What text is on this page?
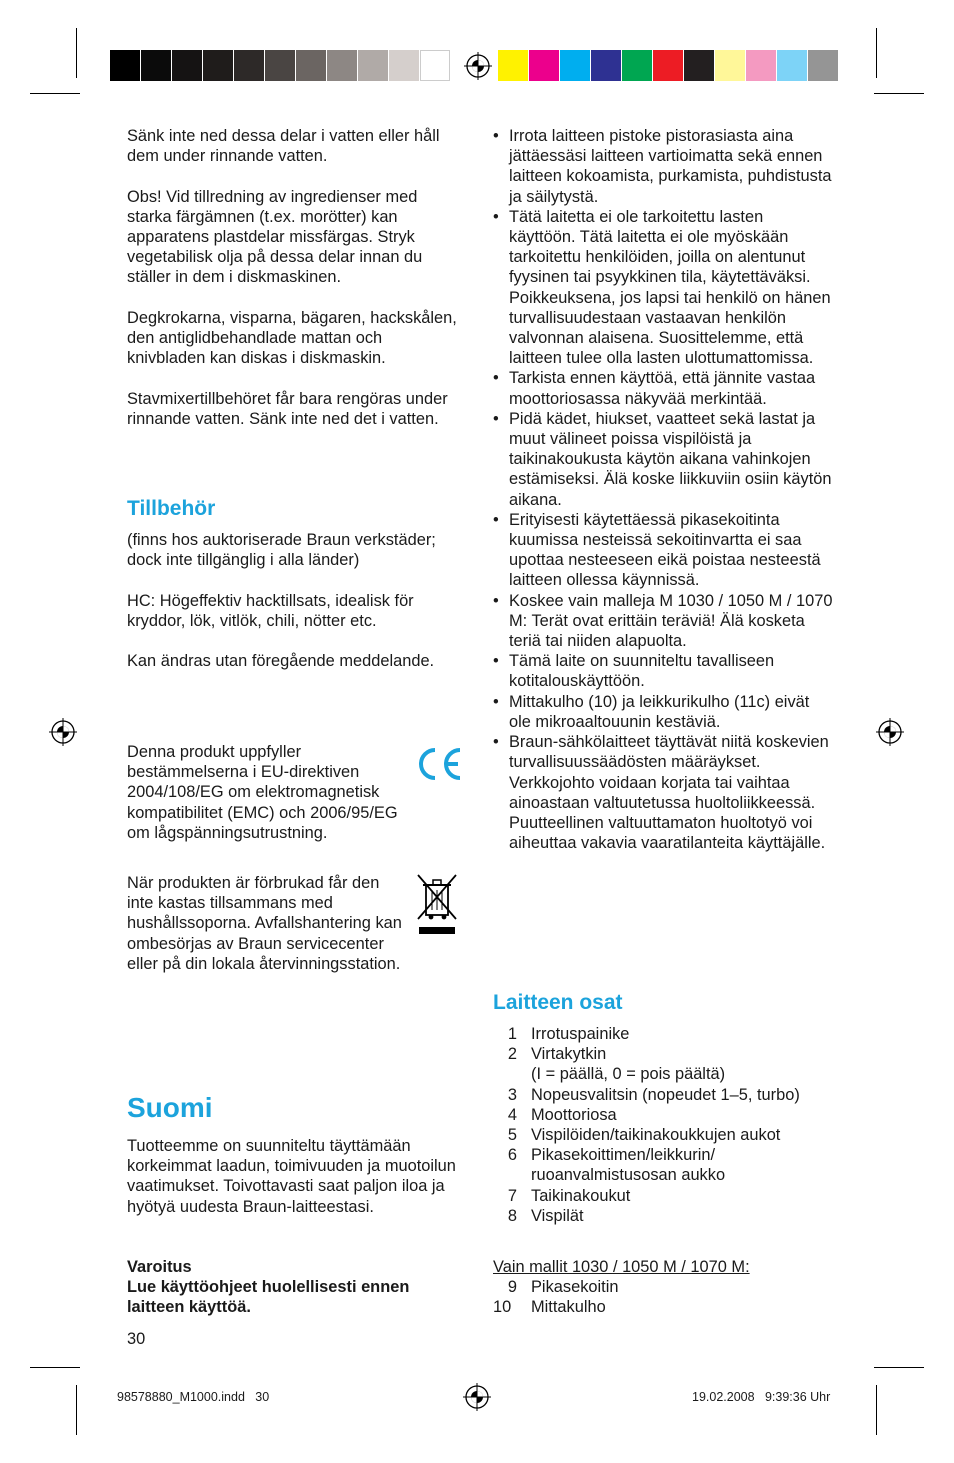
Sänk inte ned dessa delar i vatten eller håll dem under rinnande vatten.

Obs! Vid tillredning av ingredienser med starka färgämnen (t.ex. morötter) kan apparatens plastdelar missfärgas. Stryk vegetabilisk olja på dessa delar innan du ställer in dem i diskmaskinen.

Degkrokarna, visparna, bägaren, hackskålen, den antiglidbehandlade mattan och knivbladen kan diskas i diskmaskin.

Stavmixertillbehöret får bara rengöras under rinnande vatten. Sänk inte ned det i vatten.

Tillbehör

(finns hos auktoriserade Braun verkstäder; dock inte tillgänglig i alla länder)

HC: Högeffektiv hacktillsats, idealisk för kryddor, lök, vitlök, chili, nötter etc.

Kan ändras utan föregående meddelande.

Denna produkt uppfyller bestämmelserna i EU-direktiven 2004/108/EG om elektromagnetisk kompatibilitet (EMC) och 2006/95/EG om lågspänningsutrustning.

När produkten är förbrukad får den inte kastas tillsammans med hushållssoporna. Avfallshantering kan ombesörjas av Braun servicecenter eller på din lokala återvinningsstation.

Suomi

Tuotteemme on suunniteltu täyttämään korkeimmat laadun, toimivuuden ja muotoilun vaatimukset. Toivottavasti saat paljon iloa ja hyötyä uudesta Braun-laitteestasi.

Varoitus

Lue käyttöohjeet huolellisesti ennen laitteen käyttöä.

30

• Irrota laitteen pistoke pistorasiasta aina jättäessäsi laitteen vartioimatta sekä ennen laitteen kokoamista, purkamista, puhdistusta ja säilytystä.
• Tätä laitetta ei ole tarkoitettu lasten käyttöön. Tätä laitetta ei ole myöskään tarkoitettu henkilöiden, joilla on alentunut fyysinen tai psyykkinen tila, käytettäväksi. Poikkeuksena, jos lapsi tai henkilö on hänen turvallisuudestaan vastaavan henkilön valvonnan alaisena. Suosittelemme, että laitteen tulee olla lasten ulottumattomissa.
• Tarkista ennen käyttöä, että jännite vastaa moottoriosassa näkyvää merkintää.
• Pidä kädet, hiukset, vaatteet sekä lastat ja muut välineet poissa vispilöistä ja taikinakoukusta käytön aikana vahinkojen estämiseksi. Älä koske liikkuviin osiin käytön aikana.
• Erityisesti käytettäessä pikasekoitinta kuumissa nesteissä sekoitinvartta ei saa upottaa nesteeseen eikä poistaa nesteestä laitteen ollessa käynnissä.
• Koskee vain malleja M 1030 / 1050 M / 1070 M: Terät ovat erittäin teräviä! Älä kosketa teriä tai niiden alapuolta.
• Tämä laite on suunniteltu tavalliseen kotitalouskäyttöön.
• Mittakulho (10) ja leikkurikulho (11c) eivät ole mikroaaltouunin kestäviä.
• Braun-sähkölaitteet täyttävät niitä koskevien turvallisuussäädösten määräykset. Verkkojohto voidaan korjata tai vaihtaa ainoastaan valtuutetussa huoltoliikkeessä. Puutteellinen valtuuttamaton huoltotyö voi aiheuttaa vakavia vaaratilanteita käyttäjälle.
Laitteen osat
1 Irrotuspainike
2 Virtakytkin
(I = päällä, 0 = pois päältä)
3 Nopeusvalitsin (nopeudet 1–5, turbo)
4 Moottoriosa
5 Vispilöiden/taikinakoukkujen aukot
6 Pikasekoittimen/leikkurin/
ruoanvalmistusosan aukko
7 Taikinakoukut
8 Vispilät

Vain mallit 1030 / 1050 M / 1070 M:

9 Pikasekoitin
10	Mittakulho

98578880_M1000.indd   30	19.02.2008   9:39:36 Uhr
